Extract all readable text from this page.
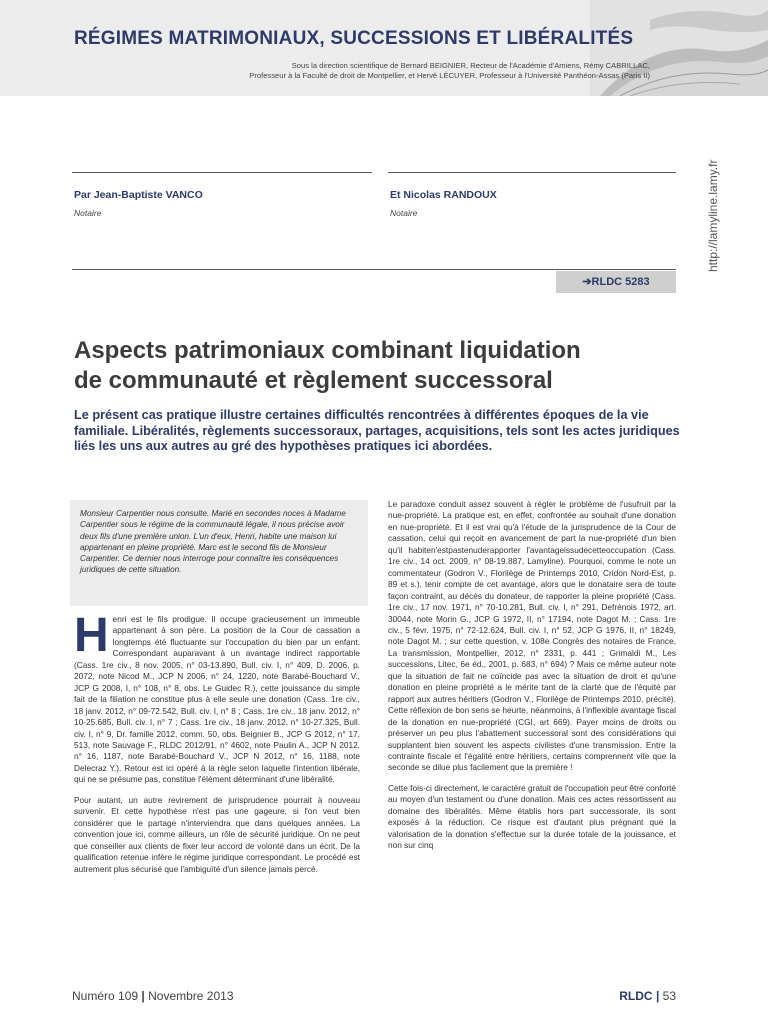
RÉGIMES MATRIMONIAUX, SUCCESSIONS ET LIBÉRALITÉS
Sous la direction scientifique de Bernard BEIGNIER, Recteur de l'Académie d'Amiens, Rémy CABRILLAC,
Professeur à la Faculté de droit de Montpellier, et Hervé LÉCUYER, Professeur à l'Université Panthéon-Assas (Paris II)
http://lamyline.lamy.fr
Par Jean-Baptiste VANCO
Notaire
Et Nicolas RANDOUX
Notaire
➔RLDC 5283
Aspects patrimoniaux combinant liquidation
de communauté et règlement successoral
Le présent cas pratique illustre certaines difficultés rencontrées à différentes époques de la vie familiale. Libéralités, règlements successoraux, partages, acquisitions, tels sont les actes juridiques liés les uns aux autres au gré des hypothèses pratiques ici abordées.
Monsieur Carpentier nous consulte. Marié en secondes noces à Madame Carpentier sous le régime de la communauté légale, il nous précise avoir deux fils d'une première union. L'un d'eux, Henri, habite une maison lui appartenant en pleine propriété. Marc est le second fils de Monsieur Carpentier. Ce dernier nous interroge pour connaître les conséquences juridiques de cette situation.

Henri est le fils prodigue. Il occupe gracieusement un immeuble appartenant à son père. La position de la Cour de cassation a longtemps été fluctuante sur l'occupation du bien par un enfant. Correspondant auparavant à un avantage indirect rapportable (Cass. 1re civ., 8 nov. 2005, n° 03-13.890, Bull. civ. I, n° 409, D. 2006, p. 2072, note Nicod M., JCP N 2006, n° 24, 1220, note Barabé-Bouchard V., JCP G 2008, I, n° 108, n° 8, obs. Le Guidec R.), cette jouissance du simple fait de la filiation ne constitue plus à elle seule une donation (Cass. 1re civ., 18 janv. 2012, n° 09-72.542, Bull. civ. I, n° 8 ; Cass. 1re civ., 18 janv. 2012, n° 10-25.685, Bull. civ. I, n° 7 ; Cass. 1re civ., 18 janv. 2012, n° 10-27.325, Bull. civ. I, n° 9, Dr. famille 2012, comm. 50, obs. Beignier B., JCP G 2012, n° 17, 513, note Sauvage F., RLDC 2012/91, n° 4602, note Paulin A., JCP N 2012, n° 16, 1187, note Barabé-Bouchard V., JCP N 2012, n° 16, 1188, note Delecraz Y.). Retour est ici opéré à la règle selon laquelle l'intention libérale, qui ne se présume pas, constitue l'élément déterminant d'une libéralité.

Pour autant, un autre revirement de jurisprudence pourrait à nouveau survenir. Et cette hypothèse n'est pas une gageure, si l'on veut bien considérer que le partage n'interviendra que dans quelques années. La convention joue ici, comme ailleurs, un rôle de sécurité juridique. On ne peut que conseiller aux clients de fixer leur accord de volonté dans un écrit. De la qualification retenue infère le régime juridique correspondant. Le procédé est autrement plus sécurisé que l'ambiguïté d'un silence jamais percé.

Le paradoxe conduit assez souvent à régler le problème de l'usufruit par la nue-propriété. La pratique est, en effet, confrontée au souhait d'une donation en nue-propriété. Et il est vrai qu'à l'étude de la jurisprudence de la Cour de cassation, celui qui reçoit en avancement de part la nue-propriété d'un bien qu'il habiten'estpastenuderapporter l'avantageissudecetteoccupation (Cass. 1re civ., 14 oct. 2009, n° 08-19.887, Lamyline). Pourquoi, comme le note un commentateur (Godron V., Florilège de Printemps 2010, Cridon Nord-Est, p. 89 et s.), tenir compte de cet avantage, alors que le donataire sera de toute façon contraint, au décès du donateur, de rapporter la pleine propriété (Cass. 1re civ., 17 nov. 1971, n° 70-10.281, Bull. civ. I, n° 291, Defrénois 1972, art. 30044, note Morin G., JCP G 1972, II, n° 17194, note Dagot M. ; Cass. 1re civ., 5 févr. 1975, n° 72-12.624, Bull. civ. I, n° 52, JCP G 1976, II, n° 18249, note Dagot M. ; sur cette question, v. 108e Congrès des notaires de France, La transmission, Montpellier, 2012, n° 2331, p. 441 ; Grimaldi M., Les successions, Litec, 6e éd., 2001, p. 683, n° 694) ? Mais ce même auteur note que la situation de fait ne coïncide pas avec la situation de droit et qu'une donation en pleine propriété a le mérite tant de la clarté que de l'équité par rapport aux autres héritiers (Godron V., Florilège de Printemps 2010, précité). Cette réflexion de bon sens se heurte, néanmoins, à l'inflexible avantage fiscal de la donation en nue-propriété (CGI, art 669). Payer moins de droits ou préserver un peu plus l'abattement successoral sont des considérations qui supplantent bien souvent les aspects civilistes d'une transmission. Entre la contrainte fiscale et l'égalité entre héritiers, certains comprennent vite que la seconde se dilue plus facilement que la première !

Cette fois-ci directement, le caractère gratuit de l'occupation peut être conforté au moyen d'un testament ou d'une donation. Mais ces actes ressortissent au domaine des libéralités. Même établis hors part successorale, ils sont exposés à la réduction. Ce risque est d'autant plus prégnant que la valorisation de la donation s'effectue sur la durée totale de la jouissance, et non sur cinq

Numéro 109 | Novembre 2013	RLDC | 53
